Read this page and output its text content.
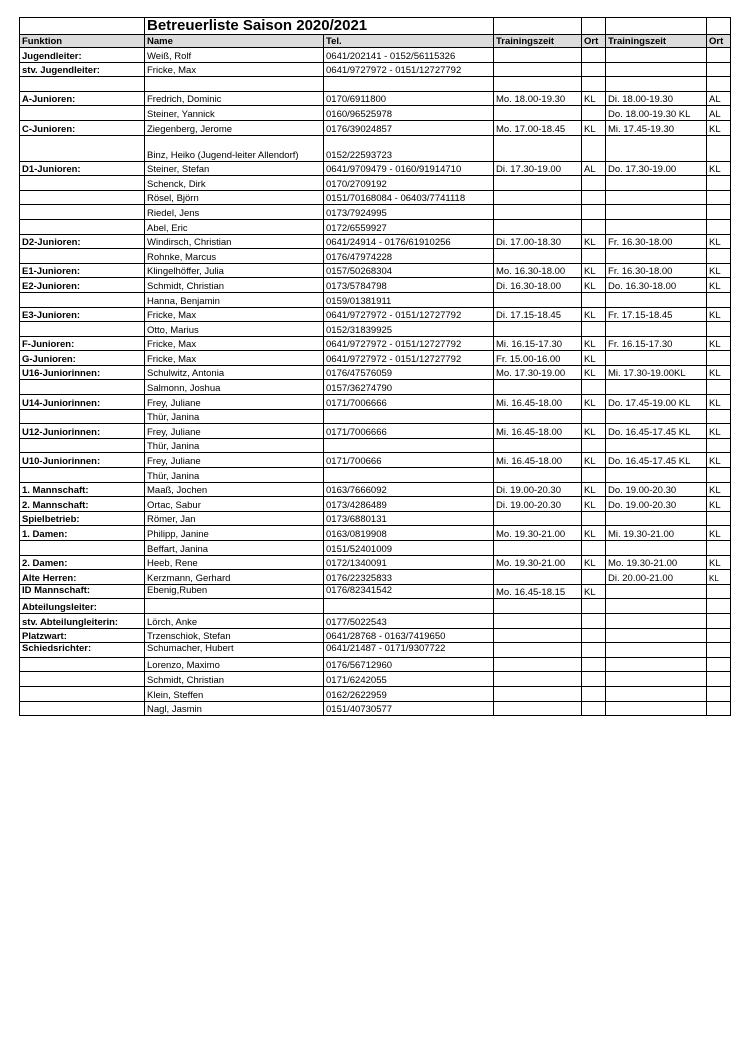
	Betreuerliste Saison 2020/2021					
Funktion	Name	Tel.	Trainingszeit	Ort	Trainingszeit	Ort
Jugendleiter:	Weiß, Rolf	0641/202141 - 0152/56115326				
stv. Jugendleiter:	Fricke, Max	0641/9727972 - 0151/12727792				

A-Junioren:	Fredrich, Dominic	0170/6911800	Mo. 18.00-19.30	KL	Di. 18.00-19.30	AL
	Steiner, Yannick	0160/96525978			Do. 18.00-19.30 KL	AL
C-Junioren:	Ziegenberg, Jerome	0176/39024857	Mo. 17.00-18.45	KL	Mi. 17.45-19.30	KL
	Binz, Heiko (Jugend-leiter Allendorf)	0152/22593723				
D1-Junioren:	Steiner, Stefan	0641/9709479 - 0160/91914710	Di. 17.30-19.00	AL	Do. 17.30-19.00	KL
	Schenck, Dirk	0170/2709192				
	Rösel, Björn	0151/70168084 - 06403/7741118				
	Riedel, Jens	0173/7924995				
	Abel, Eric	0172/6559927				
D2-Junioren:	Windirsch, Christian	0641/24914 - 0176/61910256	Di. 17.00-18.30	KL	Fr. 16.30-18.00	KL
	Rohnke, Marcus	0176/47974228				
E1-Junioren:	Klingelhöffer, Julia	0157/50268304	Mo. 16.30-18.00	KL	Fr. 16.30-18.00	KL
E2-Junioren:	Schmidt, Christian	0173/5784798	Di. 16.30-18.00	KL	Do. 16.30-18.00	KL
	Hanna, Benjamin	0159/01381911				
E3-Junioren:	Fricke, Max	0641/9727972 - 0151/12727792	Di. 17.15-18.45	KL	Fr. 17.15-18.45	KL
	Otto, Marius	0152/31839925				
F-Junioren:	Fricke, Max	0641/9727972 - 0151/12727792	Mi. 16.15-17.30	KL	Fr. 16.15-17.30	KL
G-Junioren:	Fricke, Max	0641/9727972 - 0151/12727792	Fr. 15.00-16.00	KL		
U16-Juniorinnen:	Schulwitz, Antonia	0176/47576059	Mo. 17.30-19.00	KL	Mi. 17.30-19.00KL	KL
	Salmonn, Joshua	0157/36274790				
U14-Juniorinnen:	Frey, Juliane	0171/7006666	Mi. 16.45-18.00	KL	Do. 17.45-19.00 KL	KL
	Thür, Janina					
U12-Juniorinnen:	Frey, Juliane	0171/7006666	Mi. 16.45-18.00	KL	Do. 16.45-17.45 KL	KL
	Thür, Janina					
U10-Juniorinnen:	Frey, Juliane	0171/700666	Mi. 16.45-18.00	KL	Do. 16.45-17.45 KL	KL
	Thür, Janina					
1. Mannschaft:	Maaß, Jochen	0163/7666092	Di. 19.00-20.30	KL	Do. 19.00-20.30	KL
2. Mannschaft:	Ortac, Sabur	0173/4286489	Di. 19.00-20.30	KL	Do. 19.00-20.30	KL
Spielbetrieb:	Römer, Jan	0173/6880131				
1. Damen:	Philipp, Janine	0163/0819908	Mo. 19.30-21.00	KL	Mi. 19.30-21.00	KL
	Beffart, Janina	0151/52401009				
2. Damen:	Heeb, Rene	0172/1340091	Mo. 19.30-21.00	KL	Mo. 19.30-21.00	KL
Alte Herren:	Kerzmann, Gerhard	0176/22325833			Di. 20.00-21.00	KL
ID Mannschaft:	Ebenig,Ruben	0176/82341542	Mo. 16.45-18.15	KL		
Abteilungsleiter:						
stv. Abteilungleiterin:	Lörch, Anke	0177/5022543				
Platzwart:	Trzenschiok, Stefan	0641/28768 - 0163/7419650				
Schiedsrichter:	Schumacher, Hubert	0641/21487 - 0171/9307722				
	Lorenzo, Maximo	0176/56712960				
	Schmidt, Christian	0171/6242055				
	Klein, Steffen	0162/2622959				
	Nagl, Jasmin	0151/40730577				
